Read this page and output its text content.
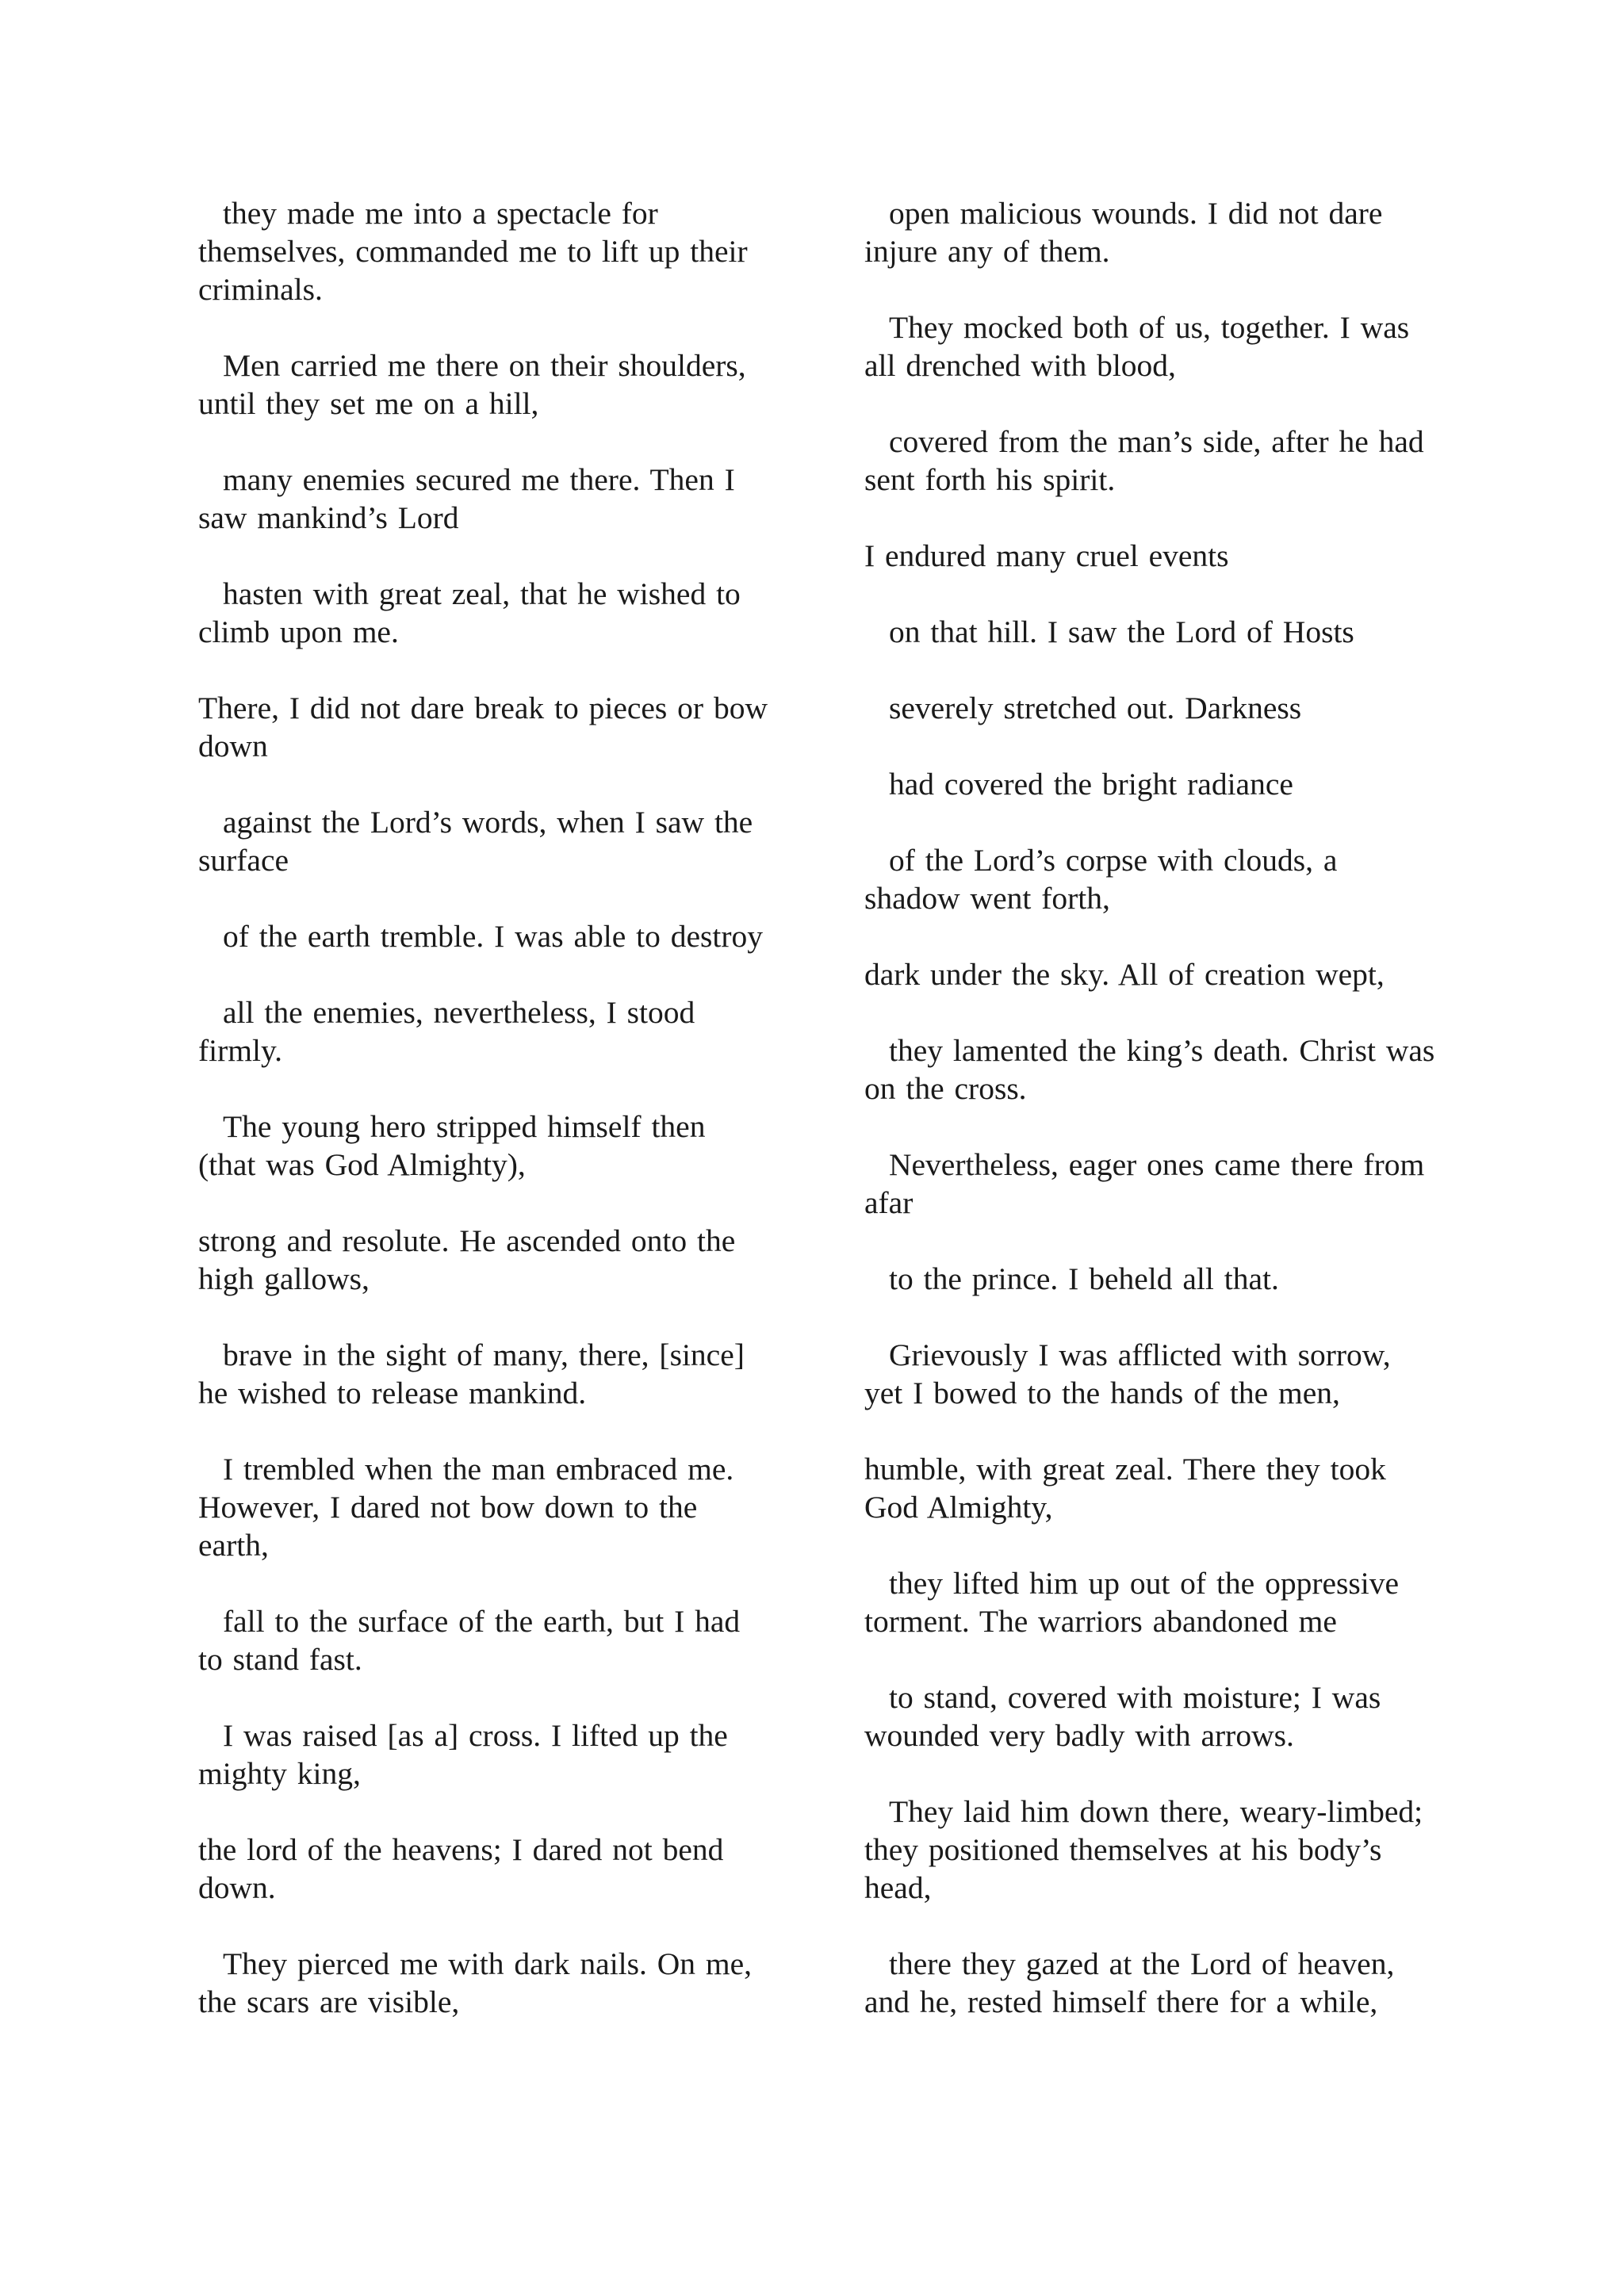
they made me into a spectacle for themselves, commanded me to lift up their criminals.

Men carried me there on their shoulders, until they set me on a hill,

many enemies secured me there. Then I saw mankind’s Lord

hasten with great zeal, that he wished to climb upon me.

There, I did not dare break to pieces or bow down

against the Lord’s words, when I saw the surface

of the earth tremble. I was able to destroy

all the enemies, nevertheless, I stood firmly.

The young hero stripped himself then (that was God Almighty),

strong and resolute. He ascended onto the high gallows,

brave in the sight of many, there, [since] he wished to release mankind.

I trembled when the man embraced me. However, I dared not bow down to the earth,

fall to the surface of the earth, but I had to stand fast.

I was raised [as a] cross. I lifted up the mighty king,

the lord of the heavens; I dared not bend down.

They pierced me with dark nails. On me, the scars are visible,

open malicious wounds. I did not dare injure any of them.

They mocked both of us, together. I was all drenched with blood,

covered from the man’s side, after he had sent forth his spirit.

I endured many cruel events

on that hill. I saw the Lord of Hosts

severely stretched out. Darkness

had covered the bright radiance

of the Lord’s corpse with clouds, a shadow went forth,

dark under the sky. All of creation wept,

they lamented the king’s death. Christ was on the cross.

Nevertheless, eager ones came there from afar

to the prince. I beheld all that.

Grievously I was afflicted with sorrow, yet I bowed to the hands of the men,

humble, with great zeal. There they took God Almighty,

they lifted him up out of the oppressive torment. The warriors abandoned me

to stand, covered with moisture; I was wounded very badly with arrows.

They laid him down there, weary-limbed; they positioned themselves at his body’s head,

there they gazed at the Lord of heaven, and he, rested himself there for a while,
